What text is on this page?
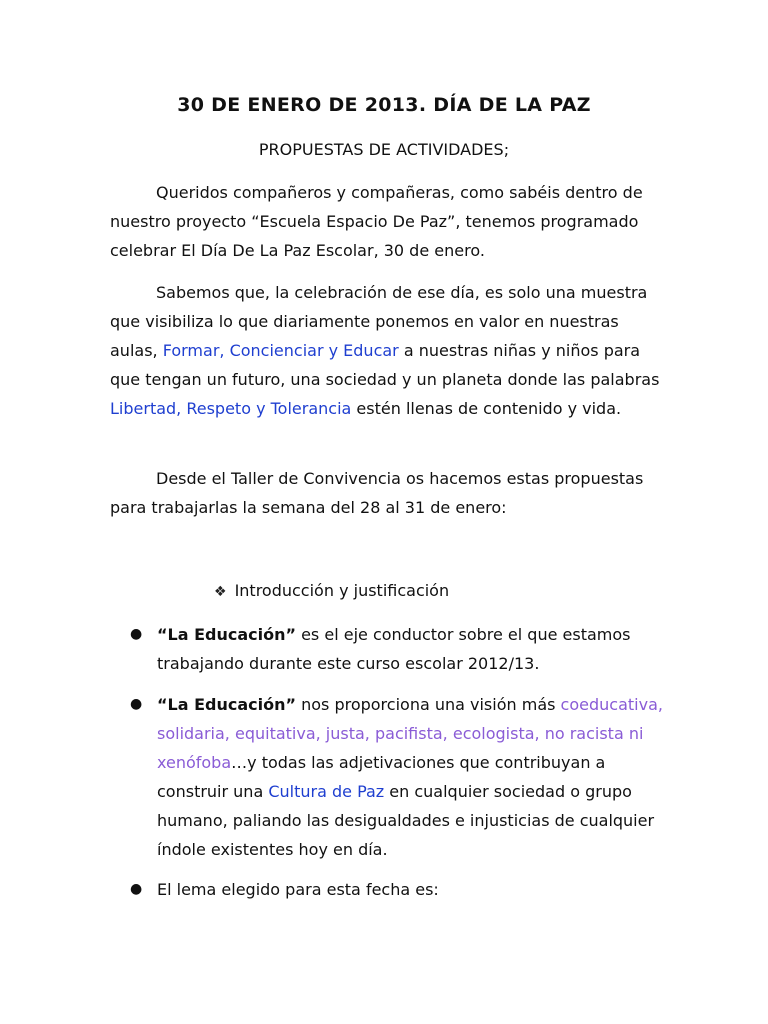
30 DE ENERO DE 2013. DÍA DE LA PAZ
PROPUESTAS DE ACTIVIDADES;
Queridos compañeros y compañeras, como sabéis dentro de nuestro proyecto “Escuela Espacio De Paz”, tenemos programado celebrar El Día De La Paz Escolar, 30 de enero.
Sabemos que, la celebración de ese día, es solo una muestra que visibiliza lo que diariamente ponemos en valor en nuestras aulas, Formar, Concienciar y Educar a nuestras niñas y niños para que tengan un futuro, una sociedad y un planeta donde las palabras Libertad, Respeto y Tolerancia estén llenas de contenido y vida.
Desde el Taller de Convivencia os hacemos estas propuestas para trabajarlas la semana del 28 al 31 de enero:
❖ Introducción y justificación
● “La Educación” es el eje conductor sobre el que estamos trabajando durante este curso escolar 2012/13.
● “La Educación” nos proporciona una visión más coeducativa, solidaria, equitativa, justa, pacifista, ecologista, no racista ni xenófoba…y todas las adjetivaciones que contribuyan a construir una Cultura de Paz en cualquier sociedad o grupo humano, paliando las desigualdades e injusticias de cualquier índole existentes hoy en día.
● El lema elegido para esta fecha es:
